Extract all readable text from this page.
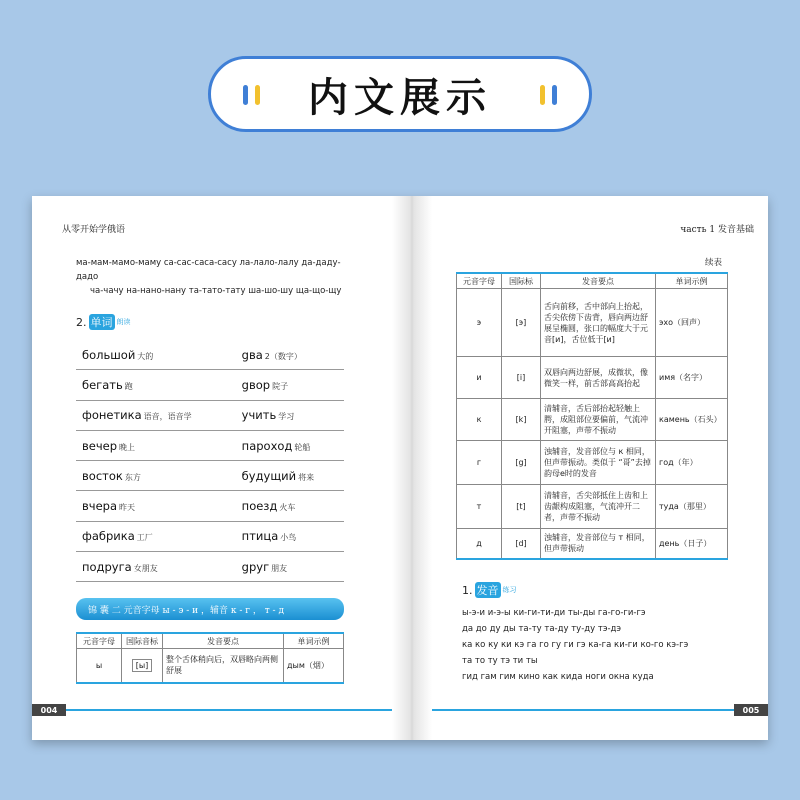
内文展示
从零开始学俄语
ма-мам-мамо-маму са-сас-саса-сасу ла-лало-лалу да-даду-
дадо
ча-чачу на-нано-нану та-тато-тату ша-шо-шу ща-що-щу
2. 单词 朗读
большой 大的	gва 2（数字）
бегать 跑	gвор 院子
фонетика 语音，语音学	учить 学习
вечер 晚上	пароход 轮船
восток 东方	будущий 将来
вчера 昨天	поезд 火车
фабрика 工厂	птица 小鸟
подруга 女朋友	gруг 朋友
锦 囊 二 元音字母 ы - э - и ，辅音 к - г ， т - д
元音字母	国际音标	发音要点	单词示例
ы	[ы]	整个舌体稍向后，双唇略向两侧舒展	дым（烟）
004
часть 1 发音基础
续表
元音字母	国际标	发音要点	单词示例
э	[э]	舌向前移，舌中部向上抬起，舌尖依傍下齿背，唇向两边舒展呈椭圆，张口的幅度大于元音[и]，舌位低于[и]	эхо（回声）
и	[i]	双唇向两边舒展，成微状，像微笑一样，前舌部高高抬起	имя（名字）
к	[k]	清辅音，舌后部抬起轻触上腭，成阻部位要偏前，气流冲开阻塞，声带不振动	камень（石头）
г	[g]	浊辅音，发音部位与 к 相同，但声带振动。类似于 “哥”去掉韵母e时的发音	год（年）
т	[t]	清辅音，舌尖部抵住上齿和上齿龈构成阻塞，气流冲开二者，声带不振动	туда（那里）
д	[d]	浊辅音，发音部位与 т 相同，但声带振动	день（日子）
1. 发音 练习
ы-э-и и-э-ы ки-ги-ти-ди ты-ды га-го-ги-гэ
да до ду ды та-ту та-ду ту-ду тэ-дэ
ка ко ку ки кэ га го гу ги гэ ка-га ки-ги ко-го кэ-гэ
та то ту тэ ти ты
гид гам гим кино как кида ноги окна куда
005
